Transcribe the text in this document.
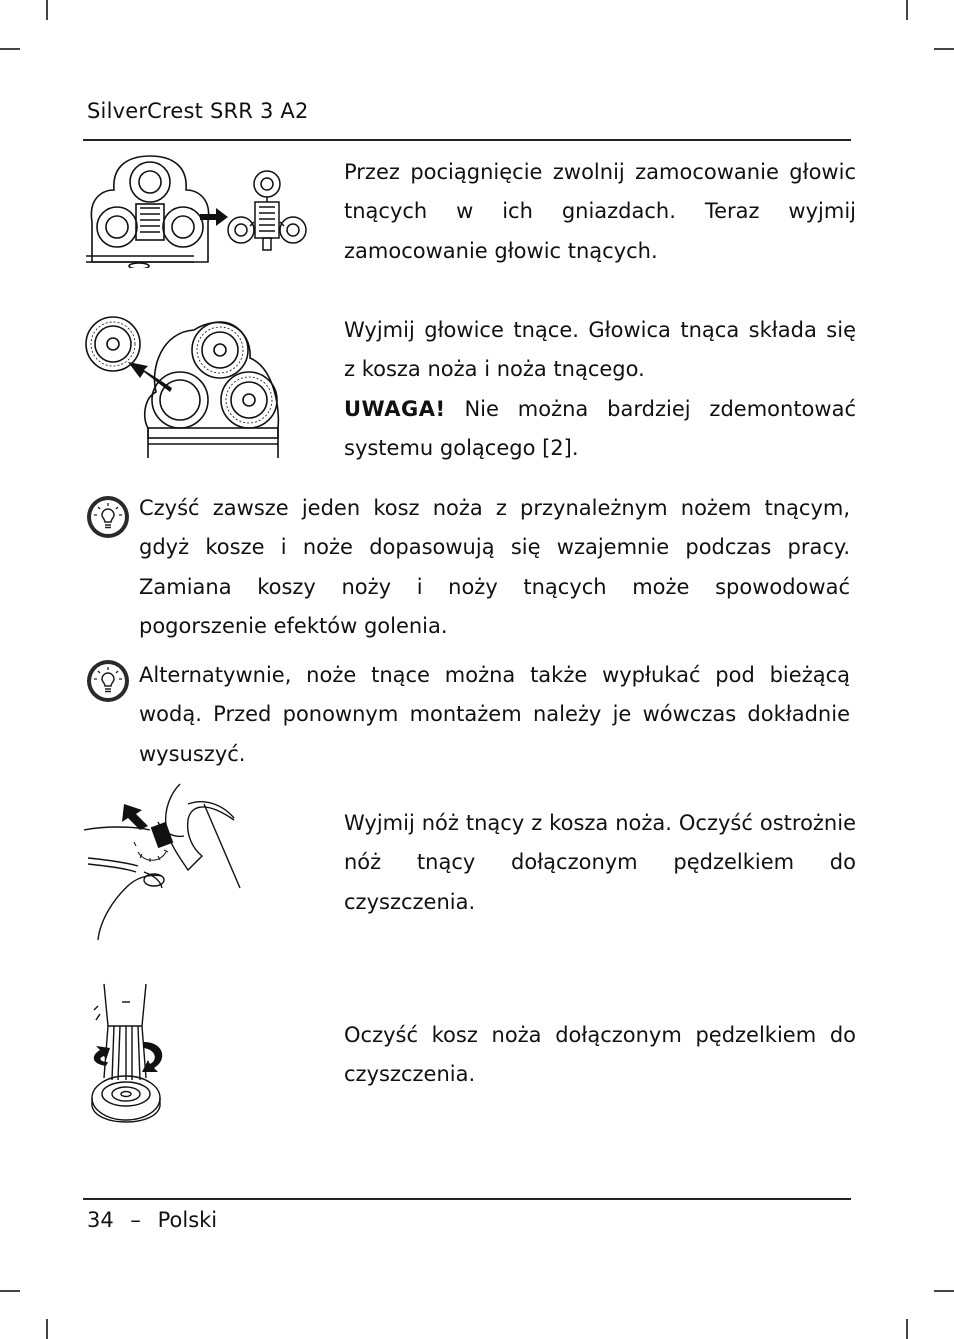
SilverCrest SRR 3 A2

Przez pociągnięcie zwolnij zamocowanie głowic tnących w ich gniazdach. Teraz wyjmij zamocowanie głowic tnących.

Wyjmij głowice tnące. Głowica tnąca składa się z kosza noża i noża tnącego.

UWAGA! Nie można bardziej zdemontować systemu golącego [2].

Czyść zawsze jeden kosz noża z przynależnym nożem tnącym, gdyż kosze i noże dopasowują się wzajemnie podczas pracy. Zamiana koszy noży i noży tnących może spowodować pogorszenie efektów golenia.

Alternatywnie, noże tnące można także wypłukać pod bieżącą wodą. Przed ponownym montażem należy je wówczas dokładnie wysuszyć.

Wyjmij nóż tnący z kosza noża. Oczyść ostrożnie nóż tnący dołączonym pędzelkiem do czyszczenia.

Oczyść kosz noża dołączonym pędzelkiem do czyszczenia.

34 – Polski
